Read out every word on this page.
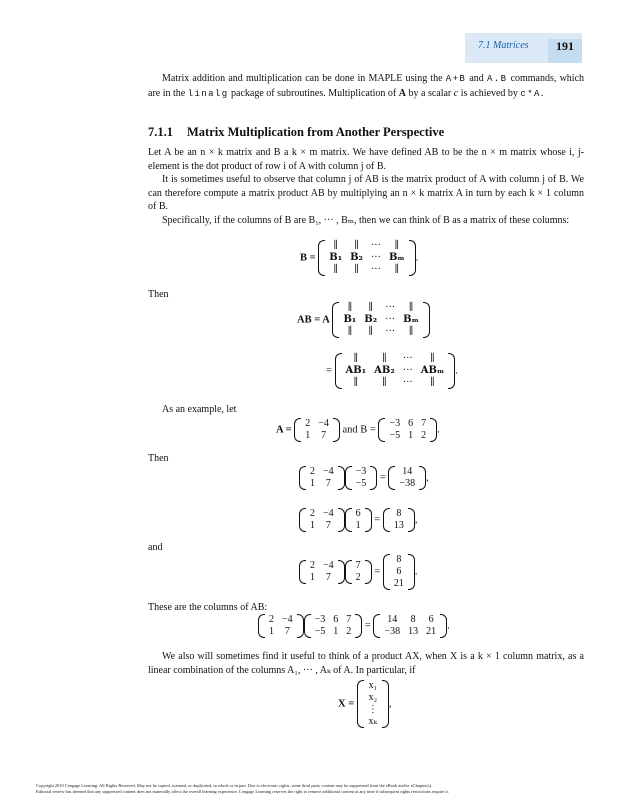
7.1 Matrices	191
Matrix addition and multiplication can be done in MAPLE using the A+B and A.B commands, which are in the linalg package of subroutines. Multiplication of A by a scalar c is achieved by c*A.
7.1.1 Matrix Multiplication from Another Perspective
Let A be an n × k matrix and B a k × m matrix. We have defined AB to be the n × m matrix whose i, j-element is the dot product of row i of A with column j of B.
It is sometimes useful to observe that column j of AB is the matrix product of A with column j of B. We can therefore compute a matrix product AB by multiplying an n × k matrix A in turn by each k × 1 column of B.
Specifically, if the columns of B are B₁, ··· , Bₘ, then we can think of B as a matrix of these columns:
B =
∥	∥	···	∥
B₁	B₂	···	Bₘ
∥	∥	···	∥
.
Then
AB = A
∥	∥	···	∥
B₁	B₂	···	Bₘ
∥	∥	···	∥
=
∥	∥	···	∥
AB₁	AB₂	···	ABₘ
∥	∥	···	∥
.
As an example, let
A =
2	−4
1	7
and B =
−3	6	7
−5	1	2
.
Then
2	−4
1	7
−3
−5
=
14
−38
,
2	−4
1	7
6
1
=
8
13
,
and
2	−4
1	7
7
2
=
8
6
21
.
These are the columns of AB:
2	−4
1	7
−3	6	7
−5	1	2
=
14	8	6
−38	13	21
.
We also will sometimes find it useful to think of a product AX, when X is a k × 1 column matrix, as a linear combination of the columns A₁, ··· , Aₖ of A. In particular, if
X =
x₁
x₂
⋮
xₖ
,
Copyright 2010 Cengage Learning. All Rights Reserved. May not be copied, scanned, or duplicated, in whole or in part. Due to electronic rights, some third party content may be suppressed from the eBook and/or eChapter(s).
Editorial review has deemed that any suppressed content does not materially affect the overall learning experience. Cengage Learning reserves the right to remove additional content at any time if subsequent rights restrictions require it.
